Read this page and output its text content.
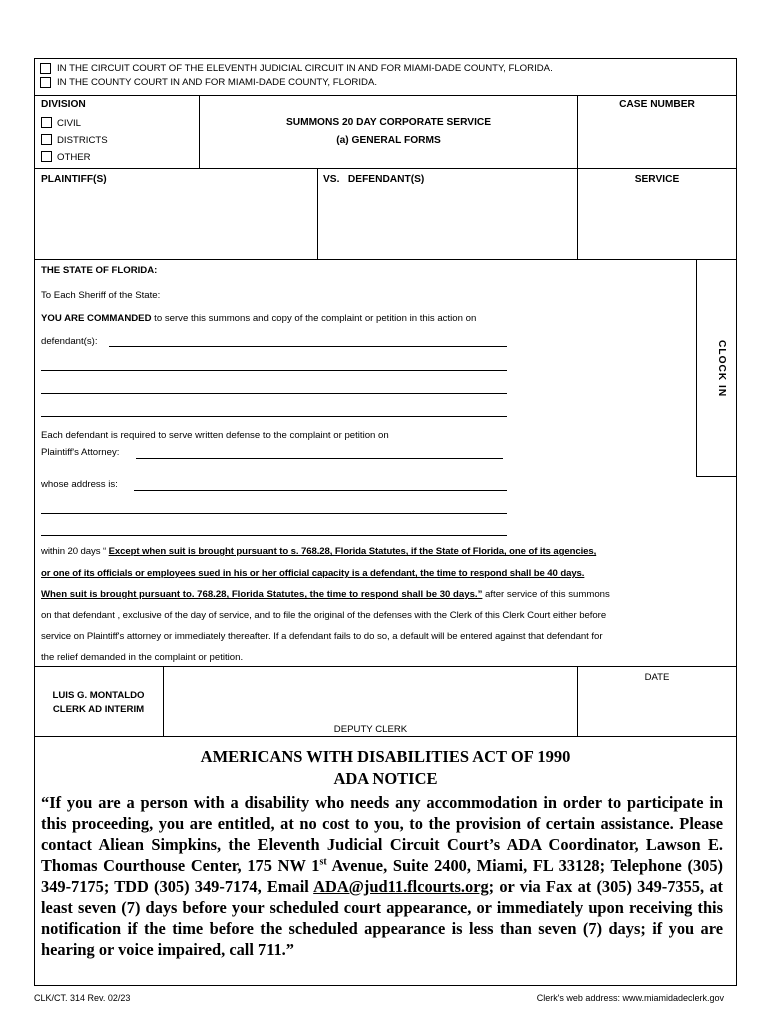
IN THE CIRCUIT COURT OF THE ELEVENTH JUDICIAL CIRCUIT IN AND FOR MIAMI-DADE COUNTY, FLORIDA.
IN THE COUNTY COURT IN AND FOR MIAMI-DADE COUNTY, FLORIDA.
DIVISION
CIVIL
DISTRICTS
OTHER
SUMMONS 20 DAY CORPORATE SERVICE
(a) GENERAL FORMS
CASE NUMBER
PLAINTIFF(S)	VS.   DEFENDANT(S)	SERVICE
THE STATE OF FLORIDA:
To Each Sheriff of the State:
YOU ARE COMMANDED to serve this summons and copy of the complaint or petition in this action on
defendant(s):	CLOCK IN
Each defendant is required to serve written defense to the complaint or petition on
Plaintiff's Attorney:
whose address is:
within 20 days “ Except when suit is brought pursuant to s. 768.28, Florida Statutes, if the State of Florida, one of its agencies,
or one of its officials or employees sued in his or her official capacity is a defendant, the time to respond shall be 40 days.
When suit is brought pursuant to. 768.28, Florida Statutes, the time to respond shall be 30 days.” after service of this summons
on that defendant , exclusive of the day of service, and to file the original of the defenses with the Clerk of this Clerk Court either before
service on Plaintiff's attorney or immediately thereafter. If a defendant fails to do so, a default will be entered against that defendant for
the relief demanded in the complaint or petition.
LUIS G. MONTALDO
CLERK AD INTERIM
DEPUTY CLERK
DATE
AMERICANS WITH DISABILITIES ACT OF 1990
ADA NOTICE
“If you are a person with a disability who needs any accommodation in order to participate in this proceeding, you are entitled, at no cost to you, to the provision of certain assistance. Please contact Aliean Simpkins, the Eleventh Judicial Circuit Court’s ADA Coordinator, Lawson E. Thomas Courthouse Center, 175 NW 1st Avenue, Suite 2400, Miami, FL 33128; Telephone (305) 349-7175; TDD (305) 349-7174, Email ADA@jud11.flcourts.org; or via Fax at (305) 349-7355, at least seven (7) days before your scheduled court appearance, or immediately upon receiving this notification if the time before the scheduled appearance is less than seven (7) days; if you are hearing or voice impaired, call 711.”
CLK/CT. 314 Rev. 02/23	Clerk's web address: www.miamidadeclerk.gov
